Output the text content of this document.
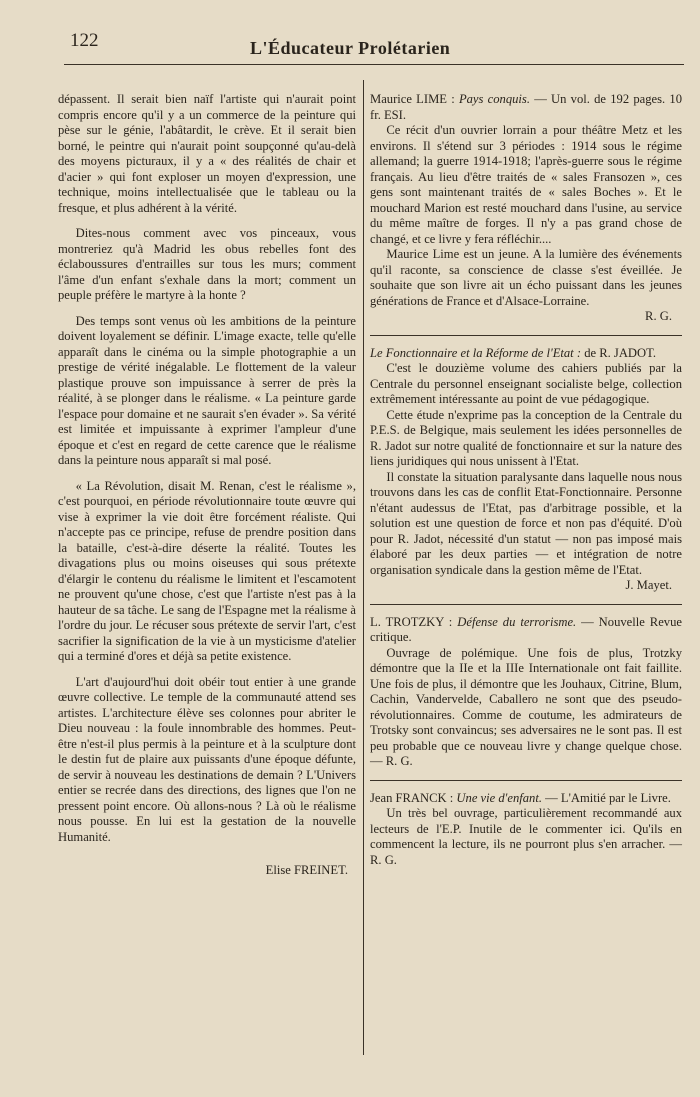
122	L'Éducateur Prolétarien

dépassent. Il serait bien naïf l'artiste qui n'aurait point compris encore qu'il y a un commerce de la peinture qui pèse sur le génie, l'abâtardit, le crève. Et il serait bien borné, le peintre qui n'aurait point soupçonné qu'au-delà des moyens picturaux, il y a « des réalités de chair et d'acier » qui font exploser un moyen d'expression, une technique, moins intellectualisée que le tableau ou la fresque, et plus adhérent à la vérité.

Dites-nous comment avec vos pinceaux, vous montreriez qu'à Madrid les obus rebelles font des éclaboussures d'entrailles sur tous les murs; comment l'âme d'un enfant s'exhale dans la mort; comment un peuple préfère le martyre à la honte ?

Des temps sont venus où les ambitions de la peinture doivent loyalement se définir. L'image exacte, telle qu'elle apparaît dans le cinéma ou la simple photographie a un prestige de vérité inégalable. Le flottement de la valeur plastique prouve son impuissance à serrer de près la réalité, à se plonger dans le réalisme. « La peinture garde l'espace pour domaine et ne saurait s'en évader ». Sa vérité est limitée et impuissante à exprimer l'ampleur d'une époque et c'est en regard de cette carence que le réalisme dans la peinture nous apparaît si mal posé.

« La Révolution, disait M. Renan, c'est le réalisme », c'est pourquoi, en période révolutionnaire toute œuvre qui vise à exprimer la vie doit être forcément réaliste. Qui n'accepte pas ce principe, refuse de prendre position dans la bataille, c'est-à-dire déserte la réalité. Toutes les divagations plus ou moins oiseuses qui sous prétexte d'élargir le contenu du réalisme le limitent et l'escamotent ne prouvent qu'une chose, c'est que l'artiste n'est pas à la hauteur de sa tâche. Le sang de l'Espagne met la réalisme à l'ordre du jour. Le récuser sous prétexte de servir l'art, c'est sacrifier la signification de la vie à un mysticisme d'atelier qui a terminé d'ores et déjà sa petite existence.

L'art d'aujourd'hui doit obéir tout entier à une grande œuvre collective. Le temple de la communauté attend ses artistes. L'architecture élève ses colonnes pour abriter le Dieu nouveau : la foule innombrable des hommes. Peut-être n'est-il plus permis à la peinture et à la sculpture dont le destin fut de plaire aux puissants d'une époque défunte, de servir à nouveau les destinations de demain ? L'Univers entier se recrée dans des directions, des lignes que l'on ne pressent point encore. Où allons-nous ? Là où le réalisme nous pousse. En lui est la gestation de la nouvelle Humanité.

Elise FREINET.

Maurice LIME : Pays conquis. — Un vol. de 192 pages. 10 fr. ESI.

Ce récit d'un ouvrier lorrain a pour théâtre Metz et les environs. Il s'étend sur 3 périodes : 1914 sous le régime allemand; la guerre 1914-1918; l'après-guerre sous le régime français. Au lieu d'être traités de « sales Fransozen », ces gens sont maintenant traités de « sales Boches ». Et le mouchard Marion est resté mouchard dans l'usine, au service du même maître de forges. Il n'y a pas grand chose de changé, et ce livre y fera réfléchir....

Maurice Lime est un jeune. A la lumière des événements qu'il raconte, sa conscience de classe s'est éveillée. Je souhaite que son livre ait un écho puissant dans les jeunes générations de France et d'Alsace-Lorraine.

R. G.

Le Fonctionnaire et la Réforme de l'Etat : de R. JADOT.

C'est le douzième volume des cahiers publiés par la Centrale du personnel enseignant socialiste belge, collection extrêmement intéressante au point de vue pédagogique.

Cette étude n'exprime pas la conception de la Centrale du P.E.S. de Belgique, mais seulement les idées personnelles de R. Jadot sur notre qualité de fonctionnaire et sur la nature des liens juridiques qui nous unissent à l'Etat.

Il constate la situation paralysante dans laquelle nous nous trouvons dans les cas de conflit Etat-Fonctionnaire. Personne n'étant audessus de l'Etat, pas d'arbitrage possible, et la solution est une question de force et non pas d'équité. D'où pour R. Jadot, nécessité d'un statut — non pas imposé mais élaboré par les deux parties — et intégration de notre organisation syndicale dans la gestion même de l'Etat.

J. Mayet.

L. TROTZKY : Défense du terrorisme. — Nouvelle Revue critique.

Ouvrage de polémique. Une fois de plus, Trotzky démontre que la IIe et la IIIe Internationale ont fait faillite. Une fois de plus, il démontre que les Jouhaux, Citrine, Blum, Cachin, Vandervelde, Caballero ne sont que des pseudo-révolutionnaires. Comme de coutume, les admirateurs de Trotsky sont convaincus; ses adversaires ne le sont pas. Il est peu probable que ce nouveau livre y change quelque chose. — R. G.

Jean FRANCK : Une vie d'enfant. — L'Amitié par le Livre.

Un très bel ouvrage, particulièrement recommandé aux lecteurs de l'E.P. Inutile de le commenter ici. Qu'ils en commencent la lecture, ils ne pourront plus s'en arracher. — R. G.
